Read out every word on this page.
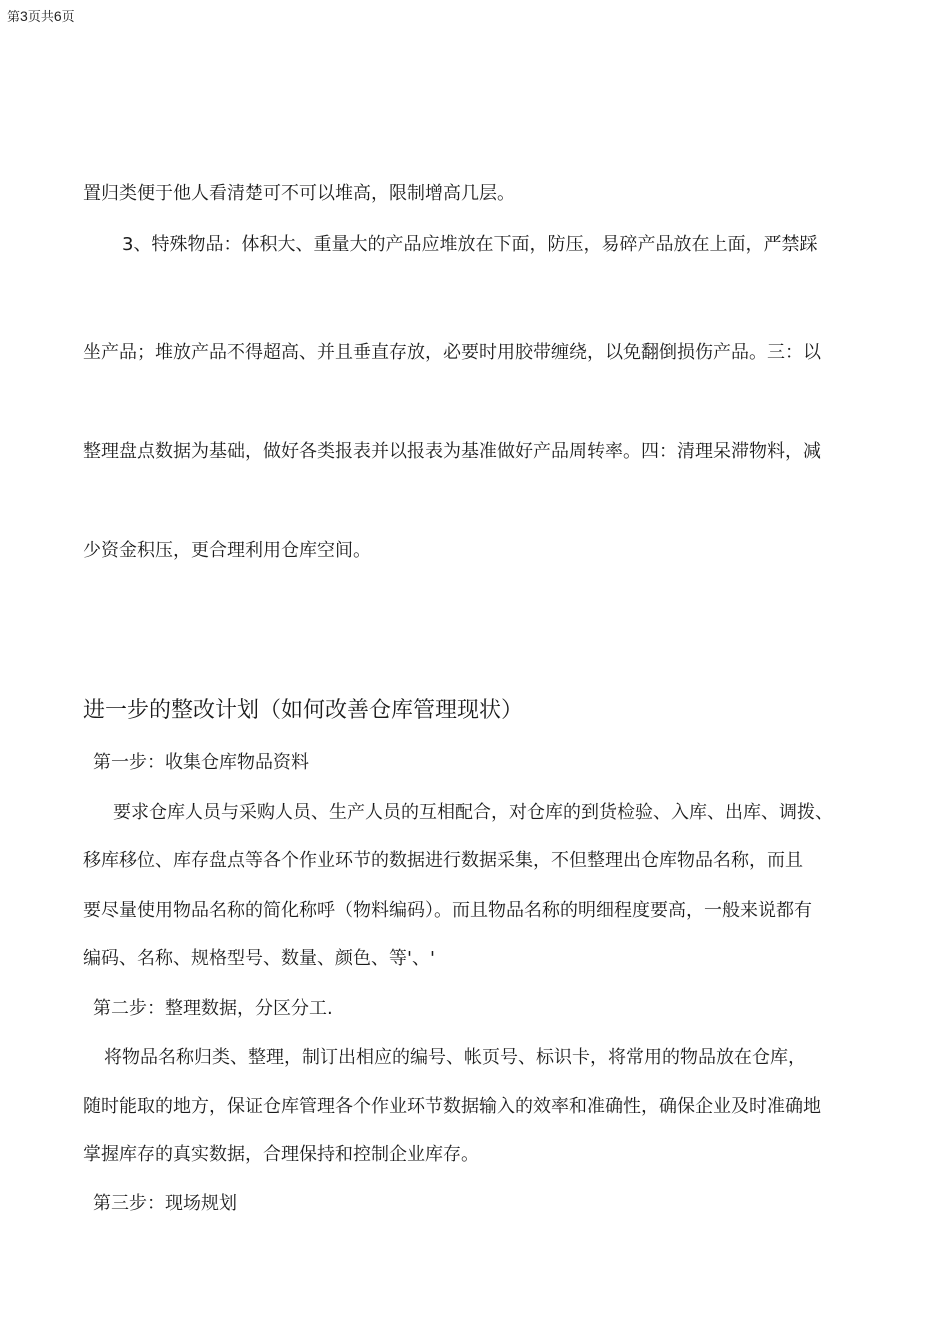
第3页共6页
置归类便于他人看清楚可不可以堆高，限制增高几层。
3、特殊物品：体积大、重量大的产品应堆放在下面，防压，易碎产品放在上面，严禁踩
坐产品；堆放产品不得超高、并且垂直存放，必要时用胶带缠绕，以免翻倒损伤产品。三：以
整理盘点数据为基础，做好各类报表并以报表为基准做好产品周转率。四：清理呆滞物料，减
少资金积压，更合理利用仓库空间。
进一步的整改计划（如何改善仓库管理现状）
第一步：收集仓库物品资料
要求仓库人员与采购人员、生产人员的互相配合，对仓库的到货检验、入库、出库、调拨、
移库移位、库存盘点等各个作业环节的数据进行数据采集，不但整理出仓库物品名称，而且
要尽量使用物品名称的简化称呼（物料编码）。而且物品名称的明细程度要高，一般来说都有
编码、名称、规格型号、数量、颜色、等'、'
第二步：整理数据，分区分工.
将物品名称归类、整理，制订出相应的编号、帐页号、标识卡，将常用的物品放在仓库，
随时能取的地方，保证仓库管理各个作业环节数据输入的效率和准确性，确保企业及时准确地
掌握库存的真实数据，合理保持和控制企业库存。
第三步：现场规划
